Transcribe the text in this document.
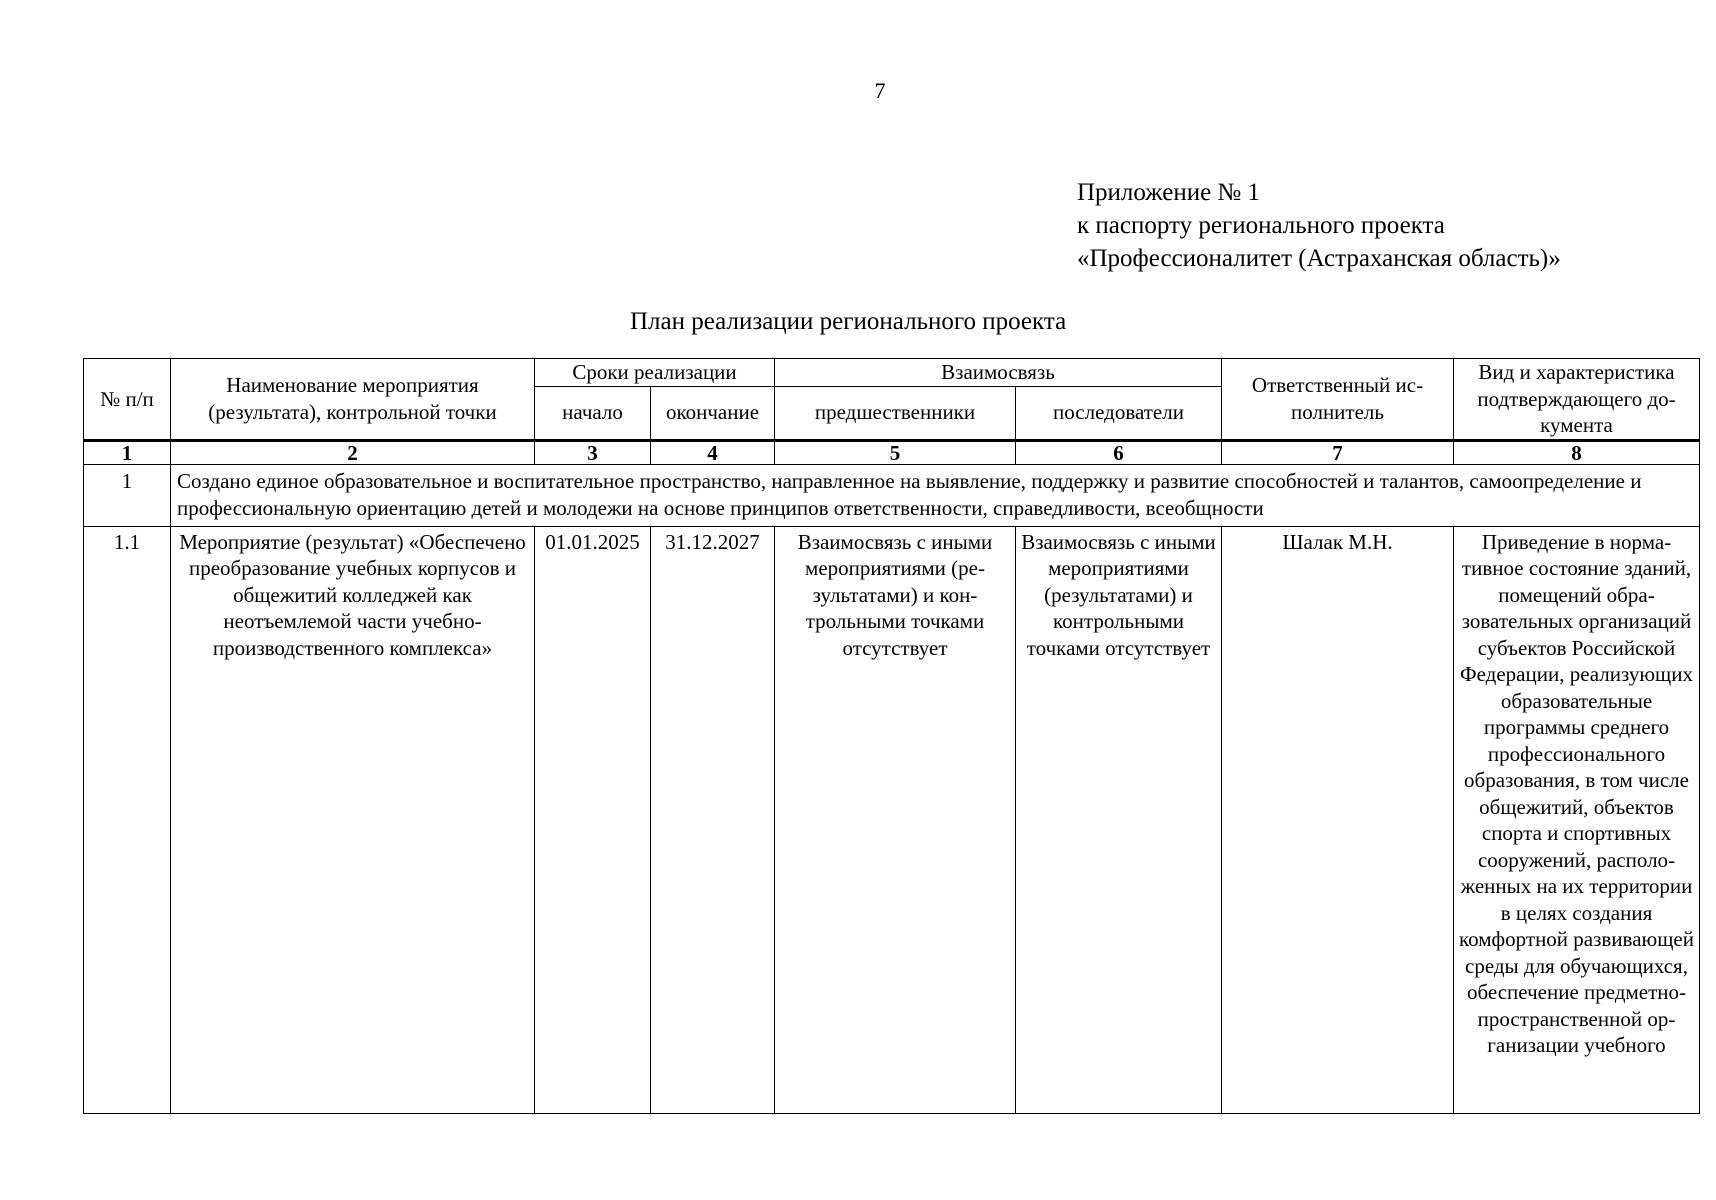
7
Приложение № 1
к паспорту регионального проекта
«Профессионалитет (Астраханская область)»
План реализации регионального проекта
№ п/п	Наименование мероприятия (результата), контрольной точки	Сроки реализации		Взаимосвязь		Ответственный исполнитель	Вид и характеристика подтверждающего документа
		начало	окончание	предшественники	последователи		
1	2	3	4	5	6	7	8
1	Создано единое образовательное и воспитательное пространство, направленное на выявление, поддержку и развитие способностей и талантов, самоопределение и профессиональную ориентацию детей и молодежи на основе принципов ответственности, справедливости, всеобщности						
1.1	Мероприятие (результат) «Обеспечено преобразование учебных корпусов и общежитий колледжей как неотъемлемой части учебно-производственного комплекса»	01.01.2025	31.12.2027	Взаимосвязь с иными мероприятиями (результатами) и контрольными точками отсутствует	Взаимосвязь с иными мероприятиями (результатами) и контрольными точками отсутствует	Шалак М.Н.	Приведение в нормативное состояние зданий, помещений образовательных организаций субъектов Российской Федерации, реализующих образовательные программы среднего профессионального образования, в том числе общежитий, объектов спорта и спортивных сооружений, расположенных на их территории в целях создания комфортной развивающей среды для обучающихся, обеспечение предметно-пространственной организации учебного
